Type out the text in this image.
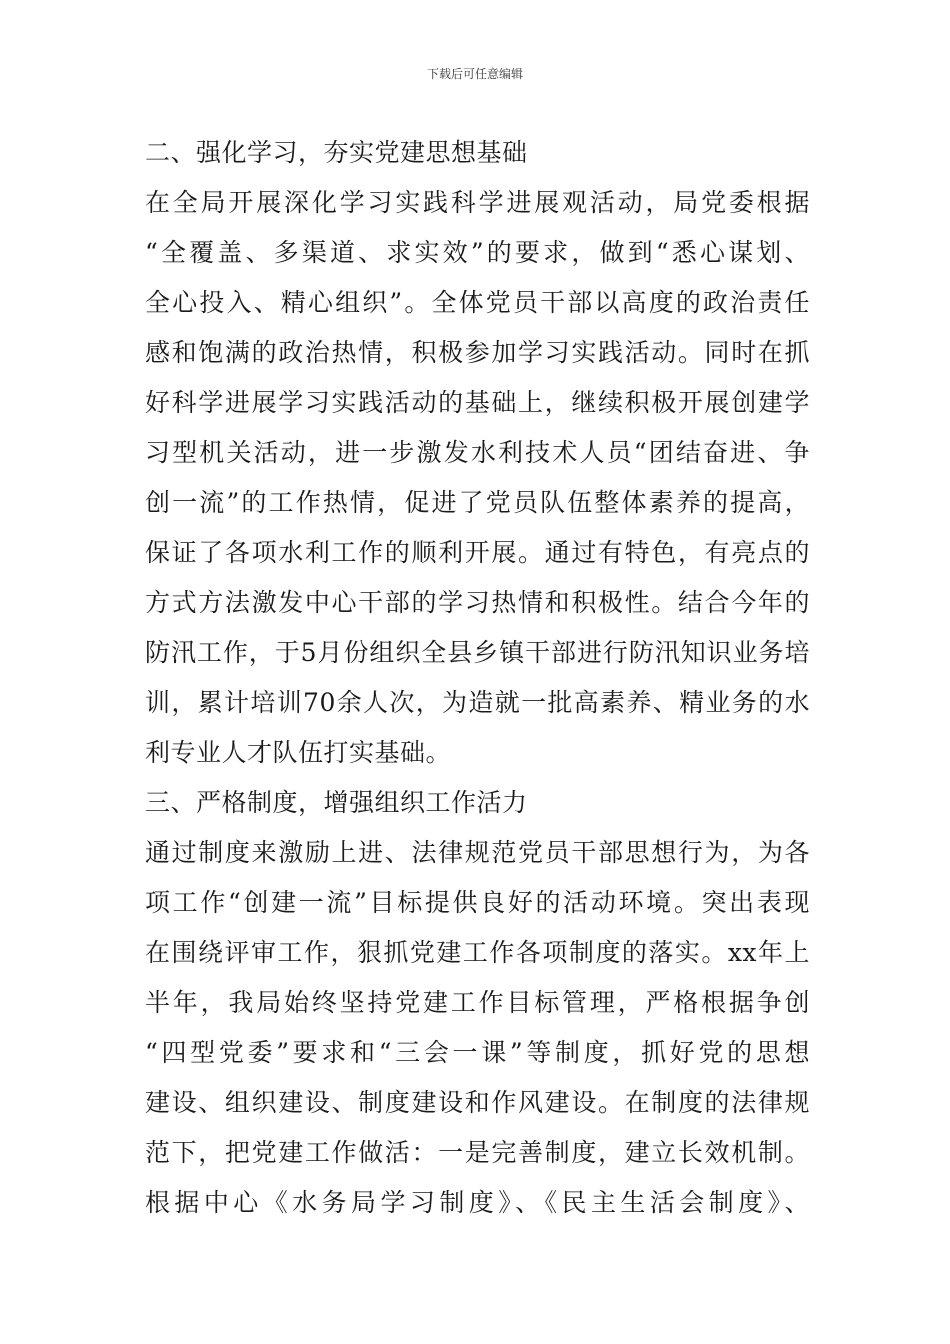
下载后可任意编辑
二、强化学习，夯实党建思想基础
在全局开展深化学习实践科学进展观活动，局党委根据
“全覆盖、多渠道、求实效”的要求，做到“悉心谋划、
全心投入、精心组织”。全体党员干部以高度的政治责任
感和饱满的政治热情，积极参加学习实践活动。同时在抓
好科学进展学习实践活动的基础上，继续积极开展创建学
习型机关活动，进一步激发水利技术人员“团结奋进、争
创一流”的工作热情，促进了党员队伍整体素养的提高，
保证了各项水利工作的顺利开展。通过有特色，有亮点的
方式方法激发中心干部的学习热情和积极性。结合今年的
防汛工作，于5月份组织全县乡镇干部进行防汛知识业务培
训，累计培训70余人次，为造就一批高素养、精业务的水
利专业人才队伍打实基础。
三、严格制度，增强组织工作活力
通过制度来激励上进、法律规范党员干部思想行为，为各
项工作“创建一流”目标提供良好的活动环境。突出表现
在围绕评审工作，狠抓党建工作各项制度的落实。xx年上
半年，我局始终坚持党建工作目标管理，严格根据争创
“四型党委”要求和“三会一课”等制度，抓好党的思想
建设、组织建设、制度建设和作风建设。在制度的法律规
范下，把党建工作做活：一是完善制度，建立长效机制。
根据中心《水务局学习制度》、《民主生活会制度》、
